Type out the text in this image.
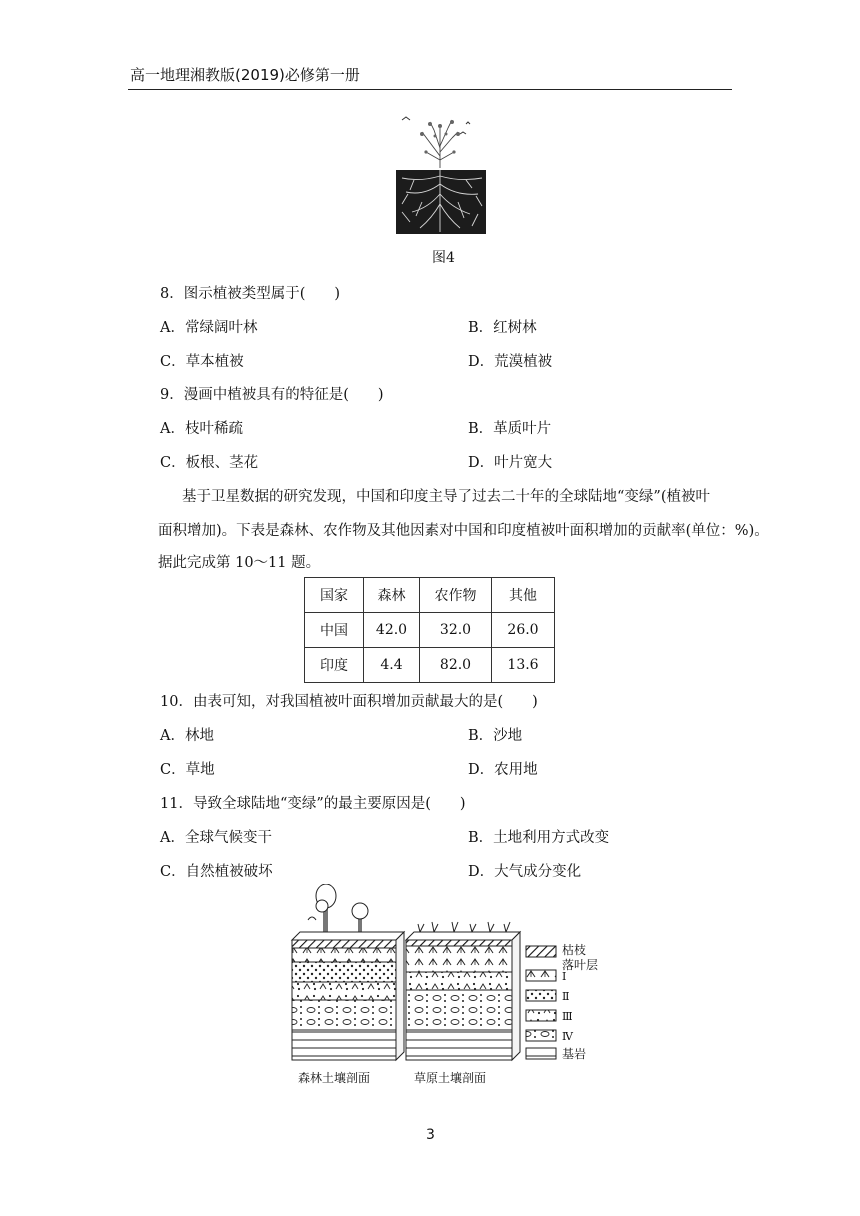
高一地理湘教版(2019)必修第一册
图4
8．图示植被类型属于(　　)
A．常绿阔叶林	B．红树林
C．草本植被	D．荒漠植被
9．漫画中植被具有的特征是(　　)
A．枝叶稀疏	B．革质叶片
C．板根、茎花	D．叶片宽大
基于卫星数据的研究发现，中国和印度主导了过去二十年的全球陆地“变绿”(植被叶
面积增加)。下表是森林、农作物及其他因素对中国和印度植被叶面积增加的贡献率(单位：%)。
据此完成第 10～11 题。
国家	森林	农作物	其他
中国	42.0	32.0	26.0
印度	4.4	82.0	13.6
10．由表可知，对我国植被叶面积增加贡献最大的是(　　)
A．林地	B．沙地
C．草地	D．农用地
11．导致全球陆地“变绿”的最主要原因是(　　)
A．全球气候变干	B．土地利用方式改变
C．自然植被破坏	D．大气成分变化
枯枝
落叶层
Ⅰ
Ⅱ
Ⅲ
Ⅳ
基岩
森林土壤剖面	草原土壤剖面
3
